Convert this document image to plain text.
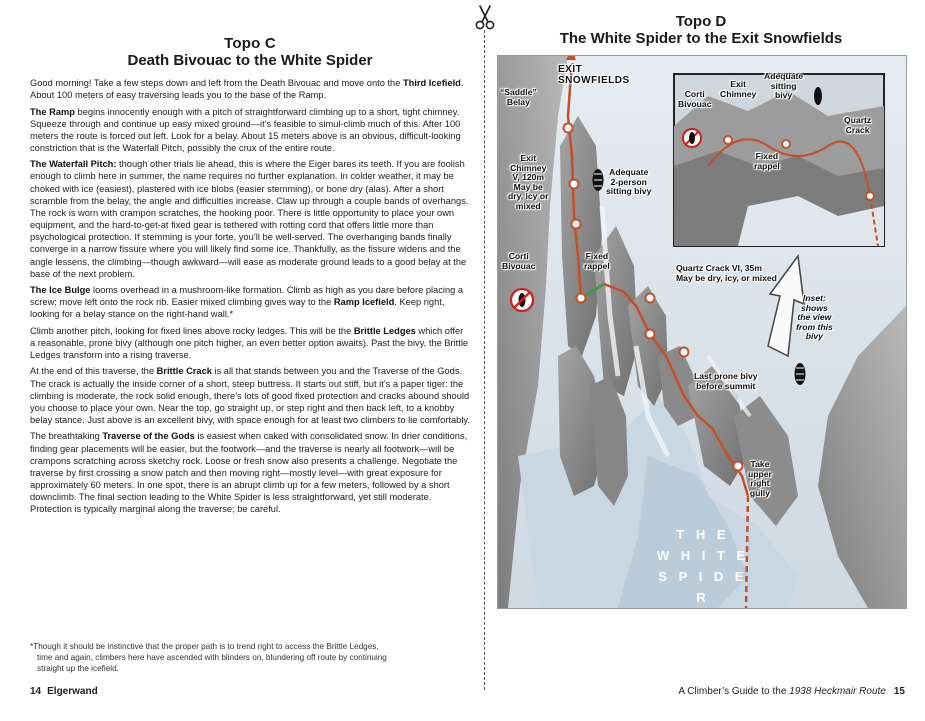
Topo C
Death Bivouac to the White Spider

Good morning! Take a few steps down and left from the Death Bivouac and move onto the Third Icefield. About 100 meters of easy traversing leads you to the base of the Ramp.

The Ramp begins innocently enough with a pitch of straightforward climbing up to a short, tight chimney. Squeeze through and continue up easy mixed ground—it’s feasible to simul-climb much of this. After 100 meters the route is forced out left. Look for a belay. About 15 meters above is an obvious, difficult-looking constriction that is the Waterfall Pitch, possibly the crux of the entire route.

The Waterfall Pitch: though other trials lie ahead, this is where the Eiger bares its teeth. If you are foolish enough to climb here in summer, the name requires no further explanation. In colder weather, it may be choked with ice (easiest), plastered with ice blobs (easier stemming), or bone dry (alas). After a short scramble from the belay, the angle and difficulties increase. Claw up through a couple bands of overhangs. The rock is worn with crampon scratches, the hooking poor. There is little opportunity to place your own equipment, and the hard-to-get-at fixed gear is tethered with rotting cord that offers little more than psychological protection. If stemming is your forte, you’ll be well-served. The overhanging bands finally converge in a narrow fissure where you will likely find some ice. Thankfully, as the fissure widens and the angle lessens, the climbing—though awkward—will ease as moderate ground leads to a good belay at the base of the next problem.

The Ice Bulge looms overhead in a mushroom-like formation. Climb as high as you dare before placing a screw; move left onto the rock rib. Easier mixed climbing gives way to the Ramp Icefield. Keep right, looking for a belay stance on the right-hand wall.*

Climb another pitch, looking for fixed lines above rocky ledges. This will be the Brittle Ledges which offer a reasonable, prone bivy (although one pitch higher, an even better option awaits). Past the bivy, the Brittle Ledges transform into a rising traverse.

At the end of this traverse, the Brittle Crack is all that stands between you and the Traverse of the Gods. The crack is actually the inside corner of a short, steep buttress. It starts out stiff, but it’s a paper tiger: the climbing is moderate, the rock solid enough, there’s lots of good fixed protection and cracks abound should you choose to place your own. Near the top, go straight up, or step right and then back left, to a knobby belay stance. Just above is an excellent bivy, with space enough for at least two climbers to lie comfortably.

The breathtaking Traverse of the Gods is easiest when caked with consolidated snow. In drier conditions, finding gear placements will be easier, but the footwork—and the traverse is nearly all footwork—will be crampons scratching across sketchy rock. Loose or fresh snow also presents a challenge. Negotiate the traverse by first crossing a snow patch and then moving right—mostly level—with great exposure for approximately 60 meters. In one spot, there is an abrupt climb up for a few meters, followed by a short downclimb. The final section leading to the White Spider is less straightforward, yet still moderate. Protection is typically marginal along the traverse; be careful.

*Though it should be instinctive that the proper path is to trend right to access the Brittle Ledges,
time and again, climbers here have ascended with blinders on, blundering off route by continuing
straight up the icefield.
14 Elgerwand
Topo D
The White Spider to the Exit Snowfields
EXIT
SNOWFIELDS
“Saddle”
Belay
Exit
Chimney
V, 120m
May be
dry, icy or
mixed
Adequate
2-person
sitting bivy
Corti
Bivouac
Fixed
rappel	Quartz Crack VI, 35m
May be dry, icy, or mixed
Inset:
shows
the view
from this
bivy
Last prone bivy
before summit
Take
upper
right
gully
T H E
W H I T E
S P I D E R
Corti
Bivouac
Exit
Chimney
Adequate
sitting
bivy
Quartz
Crack
Fixed
rappel
A Climber’s Guide to the 1938 Heckmair Route 15
